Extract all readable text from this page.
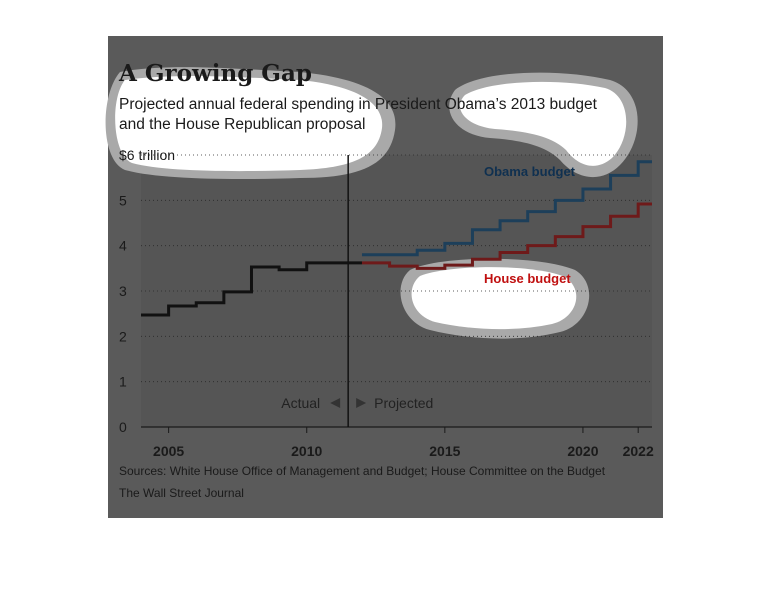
A Growing Gap
Projected annual federal spending in President Obama’s 2013 budget
and the House Republican proposal
0
1
2
3
4
5
$6 trillion
2005	2010	2015	2020 2022
Actual	Projected
Obama budget
House budget
Sources: White House Office of Management and Budget; House Committee on the Budget
The Wall Street Journal
